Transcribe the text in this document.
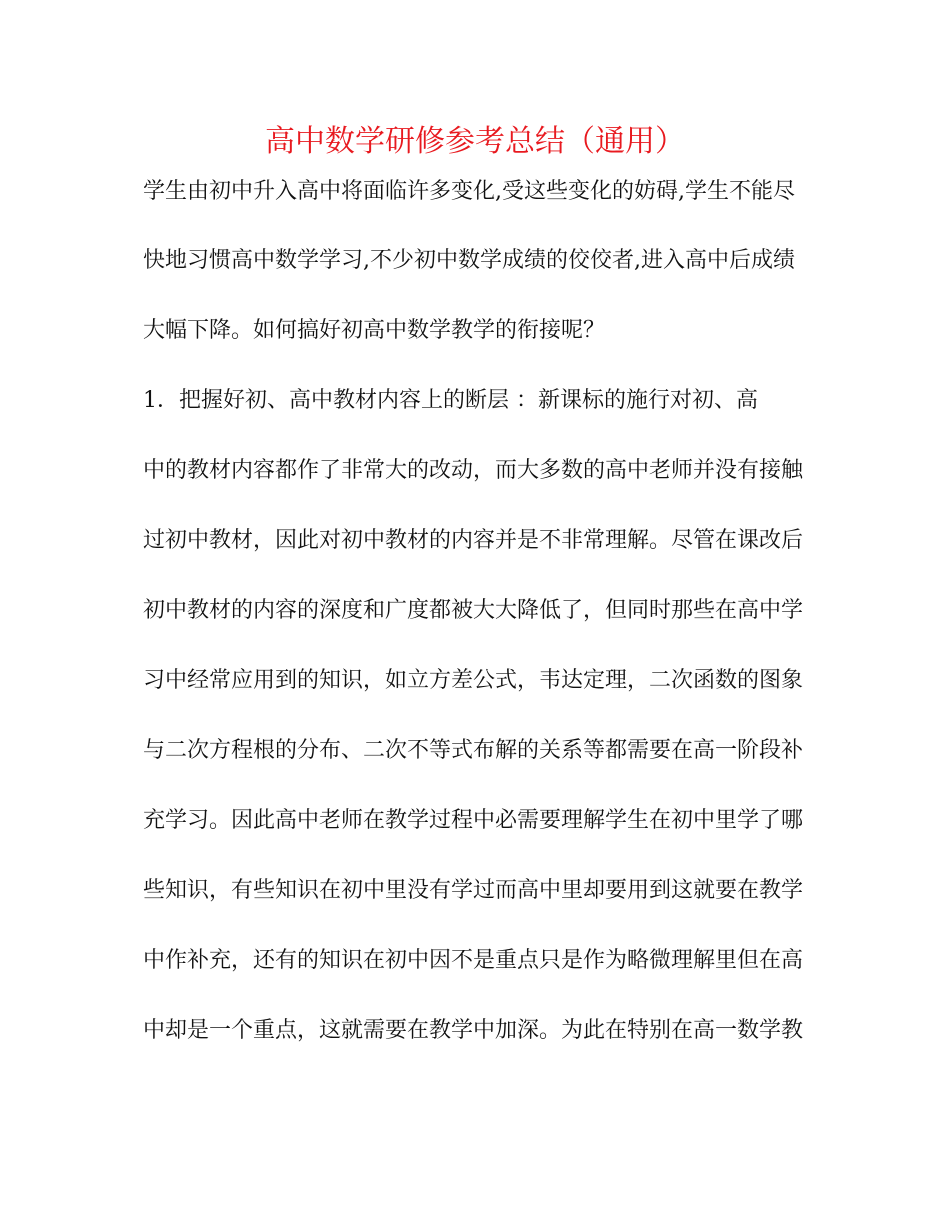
高中数学研修参考总结（通用）

学生由初中升入高中将面临许多变化,受这些变化的妨碍,学生不能尽

快地习惯高中数学学习,不少初中数学成绩的佼佼者,进入高中后成绩

大幅下降。如何搞好初高中数学教学的衔接呢？

1．把握好初、高中教材内容上的断层 ：新课标的施行对初、高

中的教材内容都作了非常大的改动，而大多数的高中老师并没有接触

过初中教材，因此对初中教材的内容并是不非常理解。尽管在课改后

初中教材的内容的深度和广度都被大大降低了，但同时那些在高中学

习中经常应用到的知识，如立方差公式，韦达定理，二次函数的图象

与二次方程根的分布、二次不等式布解的关系等都需要在高一阶段补

充学习。因此高中老师在教学过程中必需要理解学生在初中里学了哪

些知识，有些知识在初中里没有学过而高中里却要用到这就要在教学

中作补充，还有的知识在初中因不是重点只是作为略微理解里但在高

中却是一个重点，这就需要在教学中加深。为此在特别在高一数学教
